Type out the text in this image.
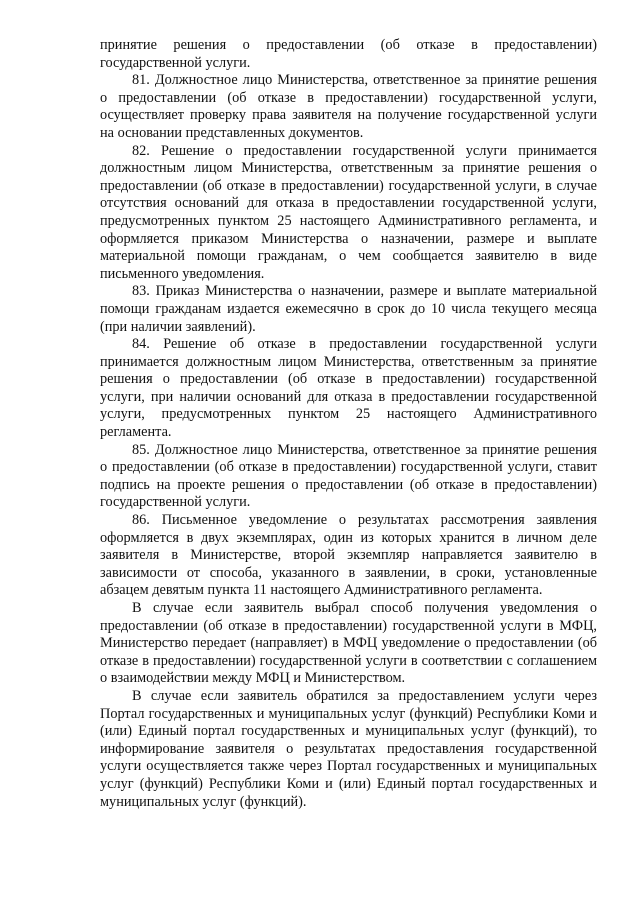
принятие решения о предоставлении (об отказе в предоставлении) государственной услуги.

81. Должностное лицо Министерства, ответственное за принятие решения о предоставлении (об отказе в предоставлении) государственной услуги, осуществляет проверку права заявителя на получение государственной услуги на основании представленных документов.

82. Решение о предоставлении государственной услуги принимается должностным лицом Министерства, ответственным за принятие решения о предоставлении (об отказе в предоставлении) государственной услуги, в случае отсутствия оснований для отказа в предоставлении государственной услуги, предусмотренных пунктом 25 настоящего Административного регламента, и оформляется приказом Министерства о назначении, размере и выплате материальной помощи гражданам, о чем сообщается заявителю в виде письменного уведомления.

83. Приказ Министерства о назначении, размере и выплате материальной помощи гражданам издается ежемесячно в срок до 10 числа текущего месяца (при наличии заявлений).

84. Решение об отказе в предоставлении государственной услуги принимается должностным лицом Министерства, ответственным за принятие решения о предоставлении (об отказе в предоставлении) государственной услуги, при наличии оснований для отказа в предоставлении государственной услуги, предусмотренных пунктом 25 настоящего Административного регламента.

85. Должностное лицо Министерства, ответственное за принятие решения о предоставлении (об отказе в предоставлении) государственной услуги, ставит подпись на проекте решения о предоставлении (об отказе в предоставлении) государственной услуги.

86. Письменное уведомление о результатах рассмотрения заявления оформляется в двух экземплярах, один из которых хранится в личном деле заявителя в Министерстве, второй экземпляр направляется заявителю в зависимости от способа, указанного в заявлении, в сроки, установленные абзацем девятым пункта 11 настоящего Административного регламента.

В случае если заявитель выбрал способ получения уведомления о предоставлении (об отказе в предоставлении) государственной услуги в МФЦ, Министерство передает (направляет) в МФЦ уведомление о предоставлении (об отказе в предоставлении) государственной услуги в соответствии с соглашением о взаимодействии между МФЦ и Министерством.

В случае если заявитель обратился за предоставлением услуги через Портал государственных и муниципальных услуг (функций) Республики Коми и (или) Единый портал государственных и муниципальных услуг (функций), то информирование заявителя о результатах предоставления государственной услуги осуществляется также через Портал государственных и муниципальных услуг (функций) Республики Коми и (или) Единый портал государственных и муниципальных услуг (функций).
